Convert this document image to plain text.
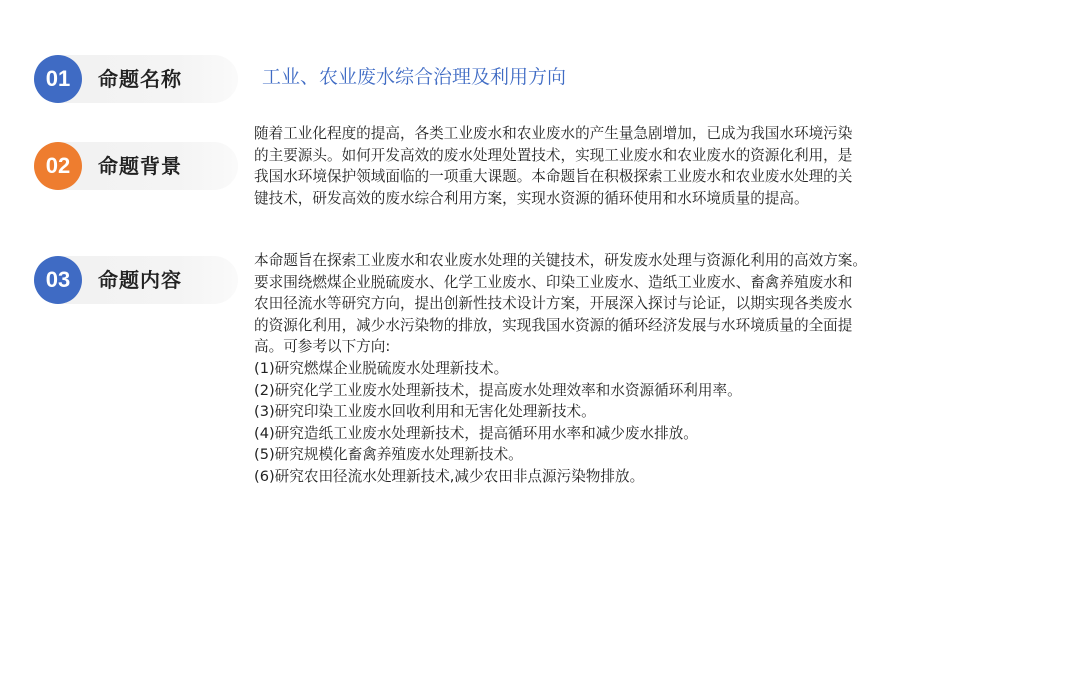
01	命题名称	工业、农业废水综合治理及利用方向
02	命题背景
随着工业化程度的提高，各类工业废水和农业废水的产生量急剧增加，已成为我国水环境污染
的主要源头。如何开发高效的废水处理处置技术，实现工业废水和农业废水的资源化利用，是
我国水环境保护领域面临的一项重大课题。本命题旨在积极探索工业废水和农业废水处理的关
键技术，研发高效的废水综合利用方案，实现水资源的循环使用和水环境质量的提高。
03	命题内容
本命题旨在探索工业废水和农业废水处理的关键技术，研发废水处理与资源化利用的高效方案。
要求围绕燃煤企业脱硫废水、化学工业废水、印染工业废水、造纸工业废水、畜禽养殖废水和
农田径流水等研究方向，提出创新性技术设计方案，开展深入探讨与论证，以期实现各类废水
的资源化利用，减少水污染物的排放，实现我国水资源的循环经济发展与水环境质量的全面提
高。可参考以下方向:
(1)研究燃煤企业脱硫废水处理新技术。
(2)研究化学工业废水处理新技术，提高废水处理效率和水资源循环利用率。
(3)研究印染工业废水回收利用和无害化处理新技术。
(4)研究造纸工业废水处理新技术，提高循环用水率和减少废水排放。
(5)研究规模化畜禽养殖废水处理新技术。
(6)研究农田径流水处理新技术,减少农田非点源污染物排放。
